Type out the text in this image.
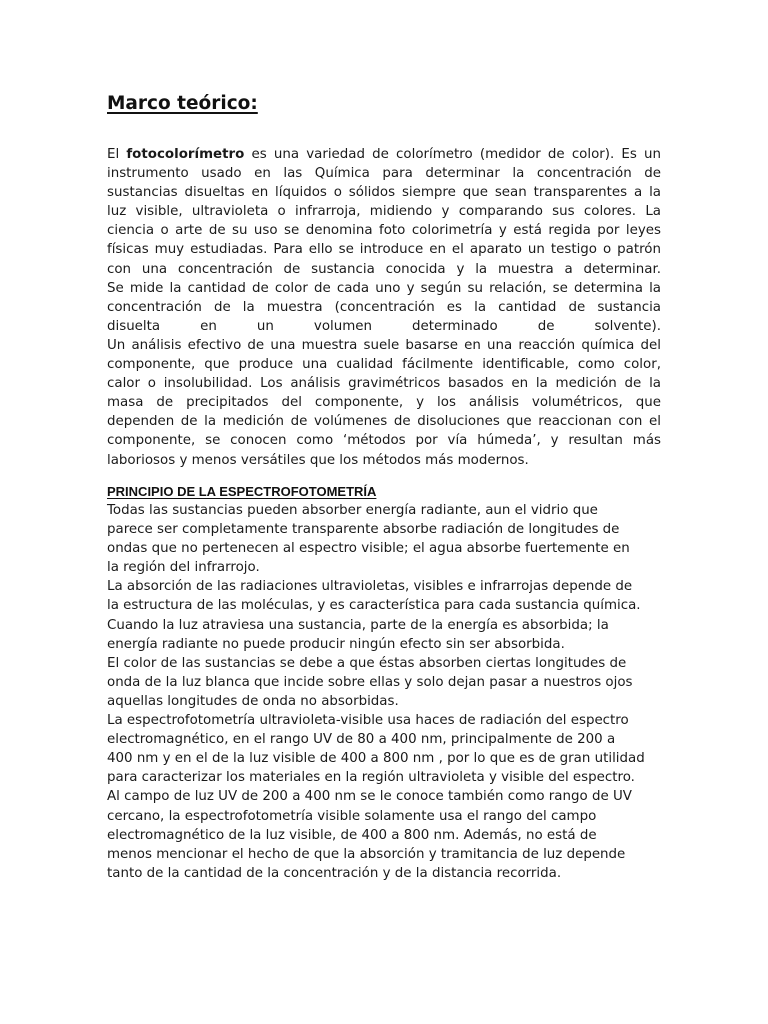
Marco teórico:
El fotocolorímetro es una variedad de colorímetro (medidor de color). Es un
instrumento usado en las Química para determinar la concentración de
sustancias disueltas en líquidos o sólidos siempre que sean transparentes a la
luz visible, ultravioleta o infrarroja, midiendo y comparando sus colores. La
ciencia o arte de su uso se denomina foto colorimetría y está regida por leyes
físicas muy estudiadas. Para ello se introduce en el aparato un testigo o patrón
con una concentración de sustancia conocida y la muestra a determinar.
Se mide la cantidad de color de cada uno y según su relación, se determina la
concentración de la muestra (concentración es la cantidad de sustancia
disuelta en un volumen determinado de solvente).
Un análisis efectivo de una muestra suele basarse en una reacción química del
componente, que produce una cualidad fácilmente identificable, como color,
calor o insolubilidad. Los análisis gravimétricos basados en la medición de la
masa de precipitados del componente, y los análisis volumétricos, que
dependen de la medición de volúmenes de disoluciones que reaccionan con el
componente, se conocen como ‘métodos por vía húmeda’, y resultan más
laboriosos y menos versátiles que los métodos más modernos.
PRINCIPIO DE LA ESPECTROFOTOMETRÍA
Todas las sustancias pueden absorber energía radiante, aun el vidrio que
parece ser completamente transparente absorbe radiación de longitudes de
ondas que no pertenecen al espectro visible; el agua absorbe fuertemente en
la región del infrarrojo.
La absorción de las radiaciones ultravioletas, visibles e infrarrojas depende de
la estructura de las moléculas, y es característica para cada sustancia química.
Cuando la luz atraviesa una sustancia, parte de la energía es absorbida; la
energía radiante no puede producir ningún efecto sin ser absorbida.
El color de las sustancias se debe a que éstas absorben ciertas longitudes de
onda de la luz blanca que incide sobre ellas y solo dejan pasar a nuestros ojos
aquellas longitudes de onda no absorbidas.
La espectrofotometría ultravioleta-visible usa haces de radiación del espectro
electromagnético, en el rango UV de 80 a 400 nm, principalmente de 200 a
400 nm y en el de la luz visible de 400 a 800 nm , por lo que es de gran utilidad
para caracterizar los materiales en la región ultravioleta y visible del espectro.
Al campo de luz UV de 200 a 400 nm se le conoce también como rango de UV
cercano, la espectrofotometría visible solamente usa el rango del campo
electromagnético de la luz visible, de 400 a 800 nm. Además, no está de
menos mencionar el hecho de que la absorción y tramitancia de luz depende
tanto de la cantidad de la concentración y de la distancia recorrida.
